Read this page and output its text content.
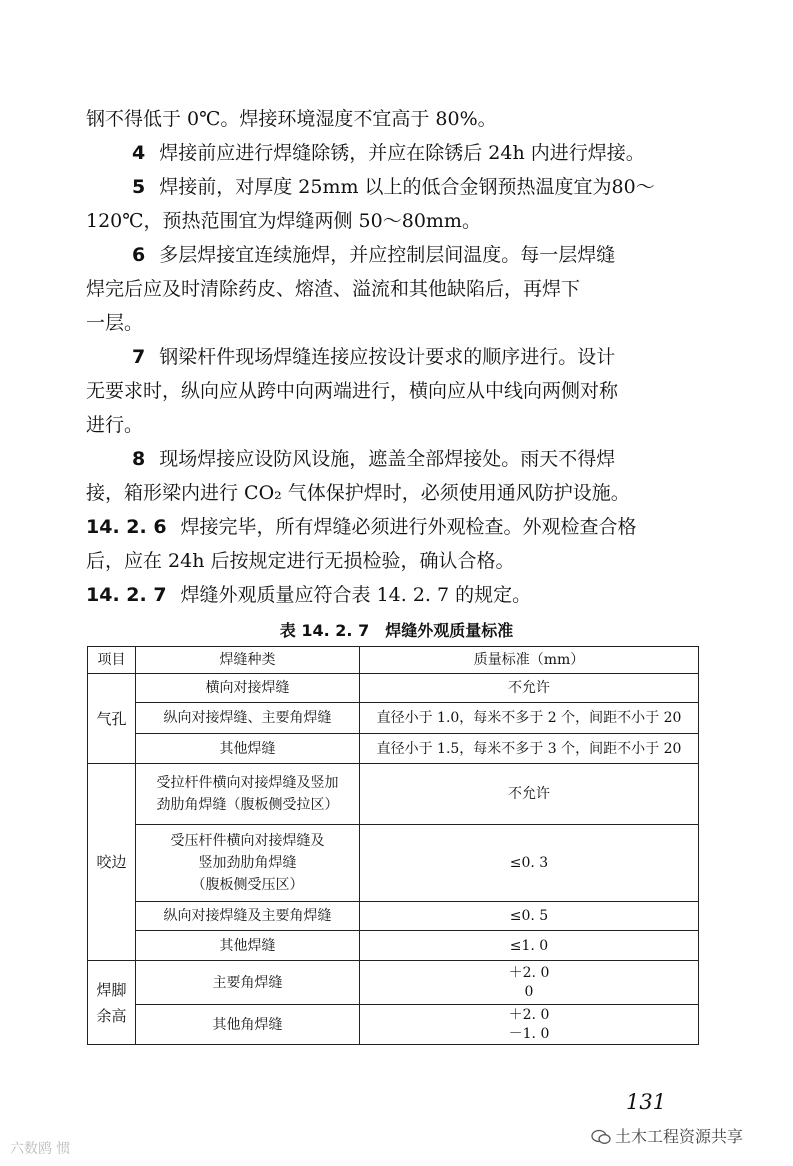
钢不得低于 0℃。焊接环境湿度不宜高于 80%。
4 焊接前应进行焊缝除锈，并应在除锈后 24h 内进行焊接。
5 焊接前，对厚度 25mm 以上的低合金钢预热温度宜为80～
120℃，预热范围宜为焊缝两侧 50～80mm。
6 多层焊接宜连续施焊，并应控制层间温度。每一层焊缝
焊完后应及时清除药皮、熔渣、溢流和其他缺陷后，再焊下
一层。
7 钢梁杆件现场焊缝连接应按设计要求的顺序进行。设计
无要求时，纵向应从跨中向两端进行，横向应从中线向两侧对称
进行。
8 现场焊接应设防风设施，遮盖全部焊接处。雨天不得焊
接，箱形梁内进行 CO₂ 气体保护焊时，必须使用通风防护设施。
14. 2. 6 焊接完毕，所有焊缝必须进行外观检查。外观检查合格
后，应在 24h 后按规定进行无损检验，确认合格。
14. 2. 7 焊缝外观质量应符合表 14. 2. 7 的规定。
表 14. 2. 7　焊缝外观质量标准
项目	焊缝种类	质量标准（mm）
气孔	横向对接焊缝	不允许

	纵向对接焊缝、主要角焊缝	直径小于 1.0，每米不多于 2 个，间距不小于 20

	其他焊缝	直径小于 1.5，每米不多于 3 个，间距不小于 20

咬边	受拉杆件横向对接焊缝及竖加
劲肋角焊缝（腹板侧受拉区）	不允许

	受压杆件横向对接焊缝及
竖加劲肋角焊缝
（腹板侧受压区）	≤0. 3

	纵向对接焊缝及主要角焊缝	≤0. 5

	其他焊缝	≤1. 0

焊脚余高	主要角焊缝	＋2. 0
0

	其他角焊缝	＋2. 0
－1. 0
131
土木工程资源共享
六数鸥 惯
